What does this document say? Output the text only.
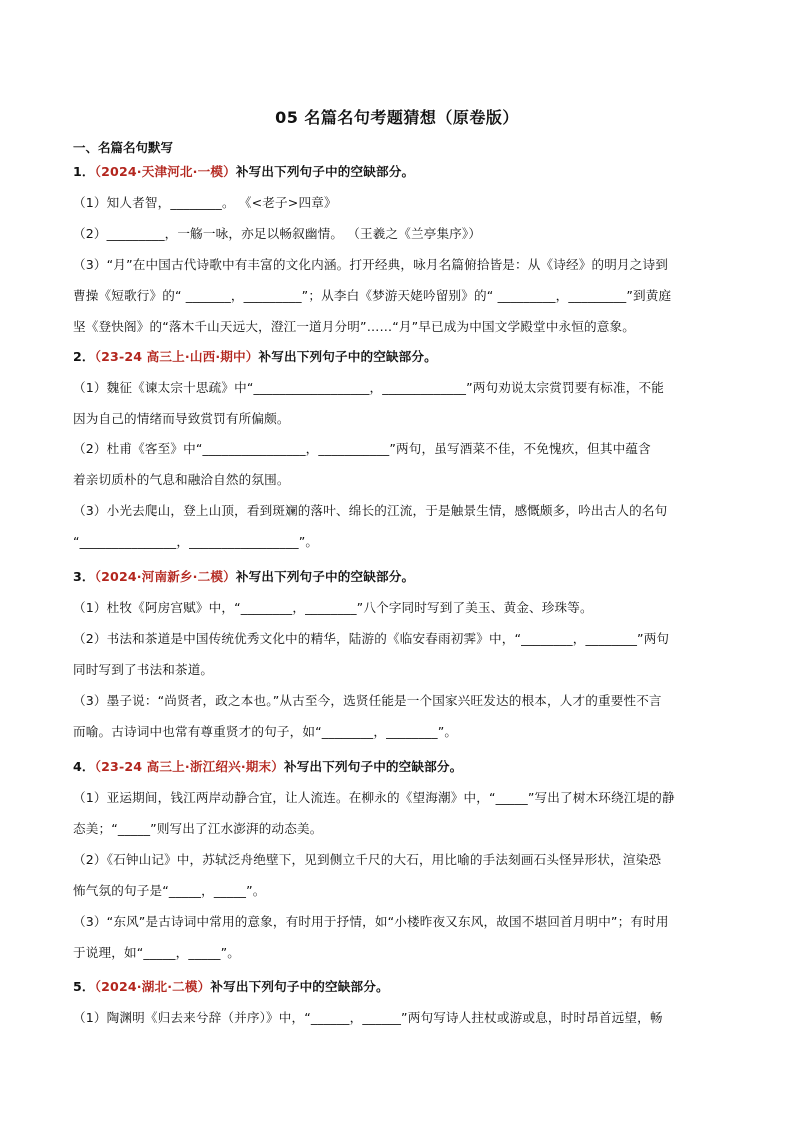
05 名篇名句考题猜想（原卷版）
一、名篇名句默写
1．（2024·天津河北·一模）补写出下列句子中的空缺部分。
（1）知人者智，________。 《<老子>四章》
（2）_________，一觞一咏，亦足以畅叙幽情。 （王羲之《兰亭集序》）
（3）“月”在中国古代诗歌中有丰富的文化内涵。打开经典，咏月名篇俯拾皆是：从《诗经》的明月之诗到
曹操《短歌行》的“ _______，_________”；从李白《梦游天姥吟留别》的“ _________，_________”到黄庭
坚《登快阁》的“落木千山天远大，澄江一道月分明”……“月”早已成为中国文学殿堂中永恒的意象。
2．（23-24 高三上·山西·期中）补写出下列句子中的空缺部分。
（1）魏征《谏太宗十思疏》中“__________________，_____________”两句劝说太宗赏罚要有标准，不能
因为自己的情绪而导致赏罚有所偏颇。
（2）杜甫《客至》中“________________，___________”两句，虽写酒菜不佳，不免愧疚，但其中蕴含
着亲切质朴的气息和融洽自然的氛围。
（3）小光去爬山，登上山顶，看到斑斓的落叶、绵长的江流，于是触景生情，感慨颇多，吟出古人的名句
“_______________，_________________”。
3．（2024·河南新乡·二模）补写出下列句子中的空缺部分。
（1）杜牧《阿房宫赋》中，“________，________”八个字同时写到了美玉、黄金、珍珠等。
（2）书法和茶道是中国传统优秀文化中的精华，陆游的《临安春雨初霁》中，“________，________”两句
同时写到了书法和茶道。
（3）墨子说：“尚贤者，政之本也。”从古至今，选贤任能是一个国家兴旺发达的根本，人才的重要性不言
而喻。古诗词中也常有尊重贤才的句子，如“________，________”。
4．（23-24 高三上·浙江绍兴·期末）补写出下列句子中的空缺部分。
（1）亚运期间，钱江两岸动静合宜，让人流连。在柳永的《望海潮》中，“_____”写出了树木环绕江堤的静
态美；“_____”则写出了江水澎湃的动态美。
（2）《石钟山记》中，苏轼泛舟绝壁下，见到侧立千尺的大石，用比喻的手法刻画石头怪异形状，渲染恐
怖气氛的句子是“_____，_____”。
（3）“东风”是古诗词中常用的意象，有时用于抒情，如“小楼昨夜又东风，故国不堪回首月明中”；有时用
于说理，如“_____，_____”。
5．（2024·湖北·二模）补写出下列句子中的空缺部分。
（1）陶渊明《归去来兮辞（并序）》中，“______，______”两句写诗人拄杖或游或息，时时昂首远望，畅
